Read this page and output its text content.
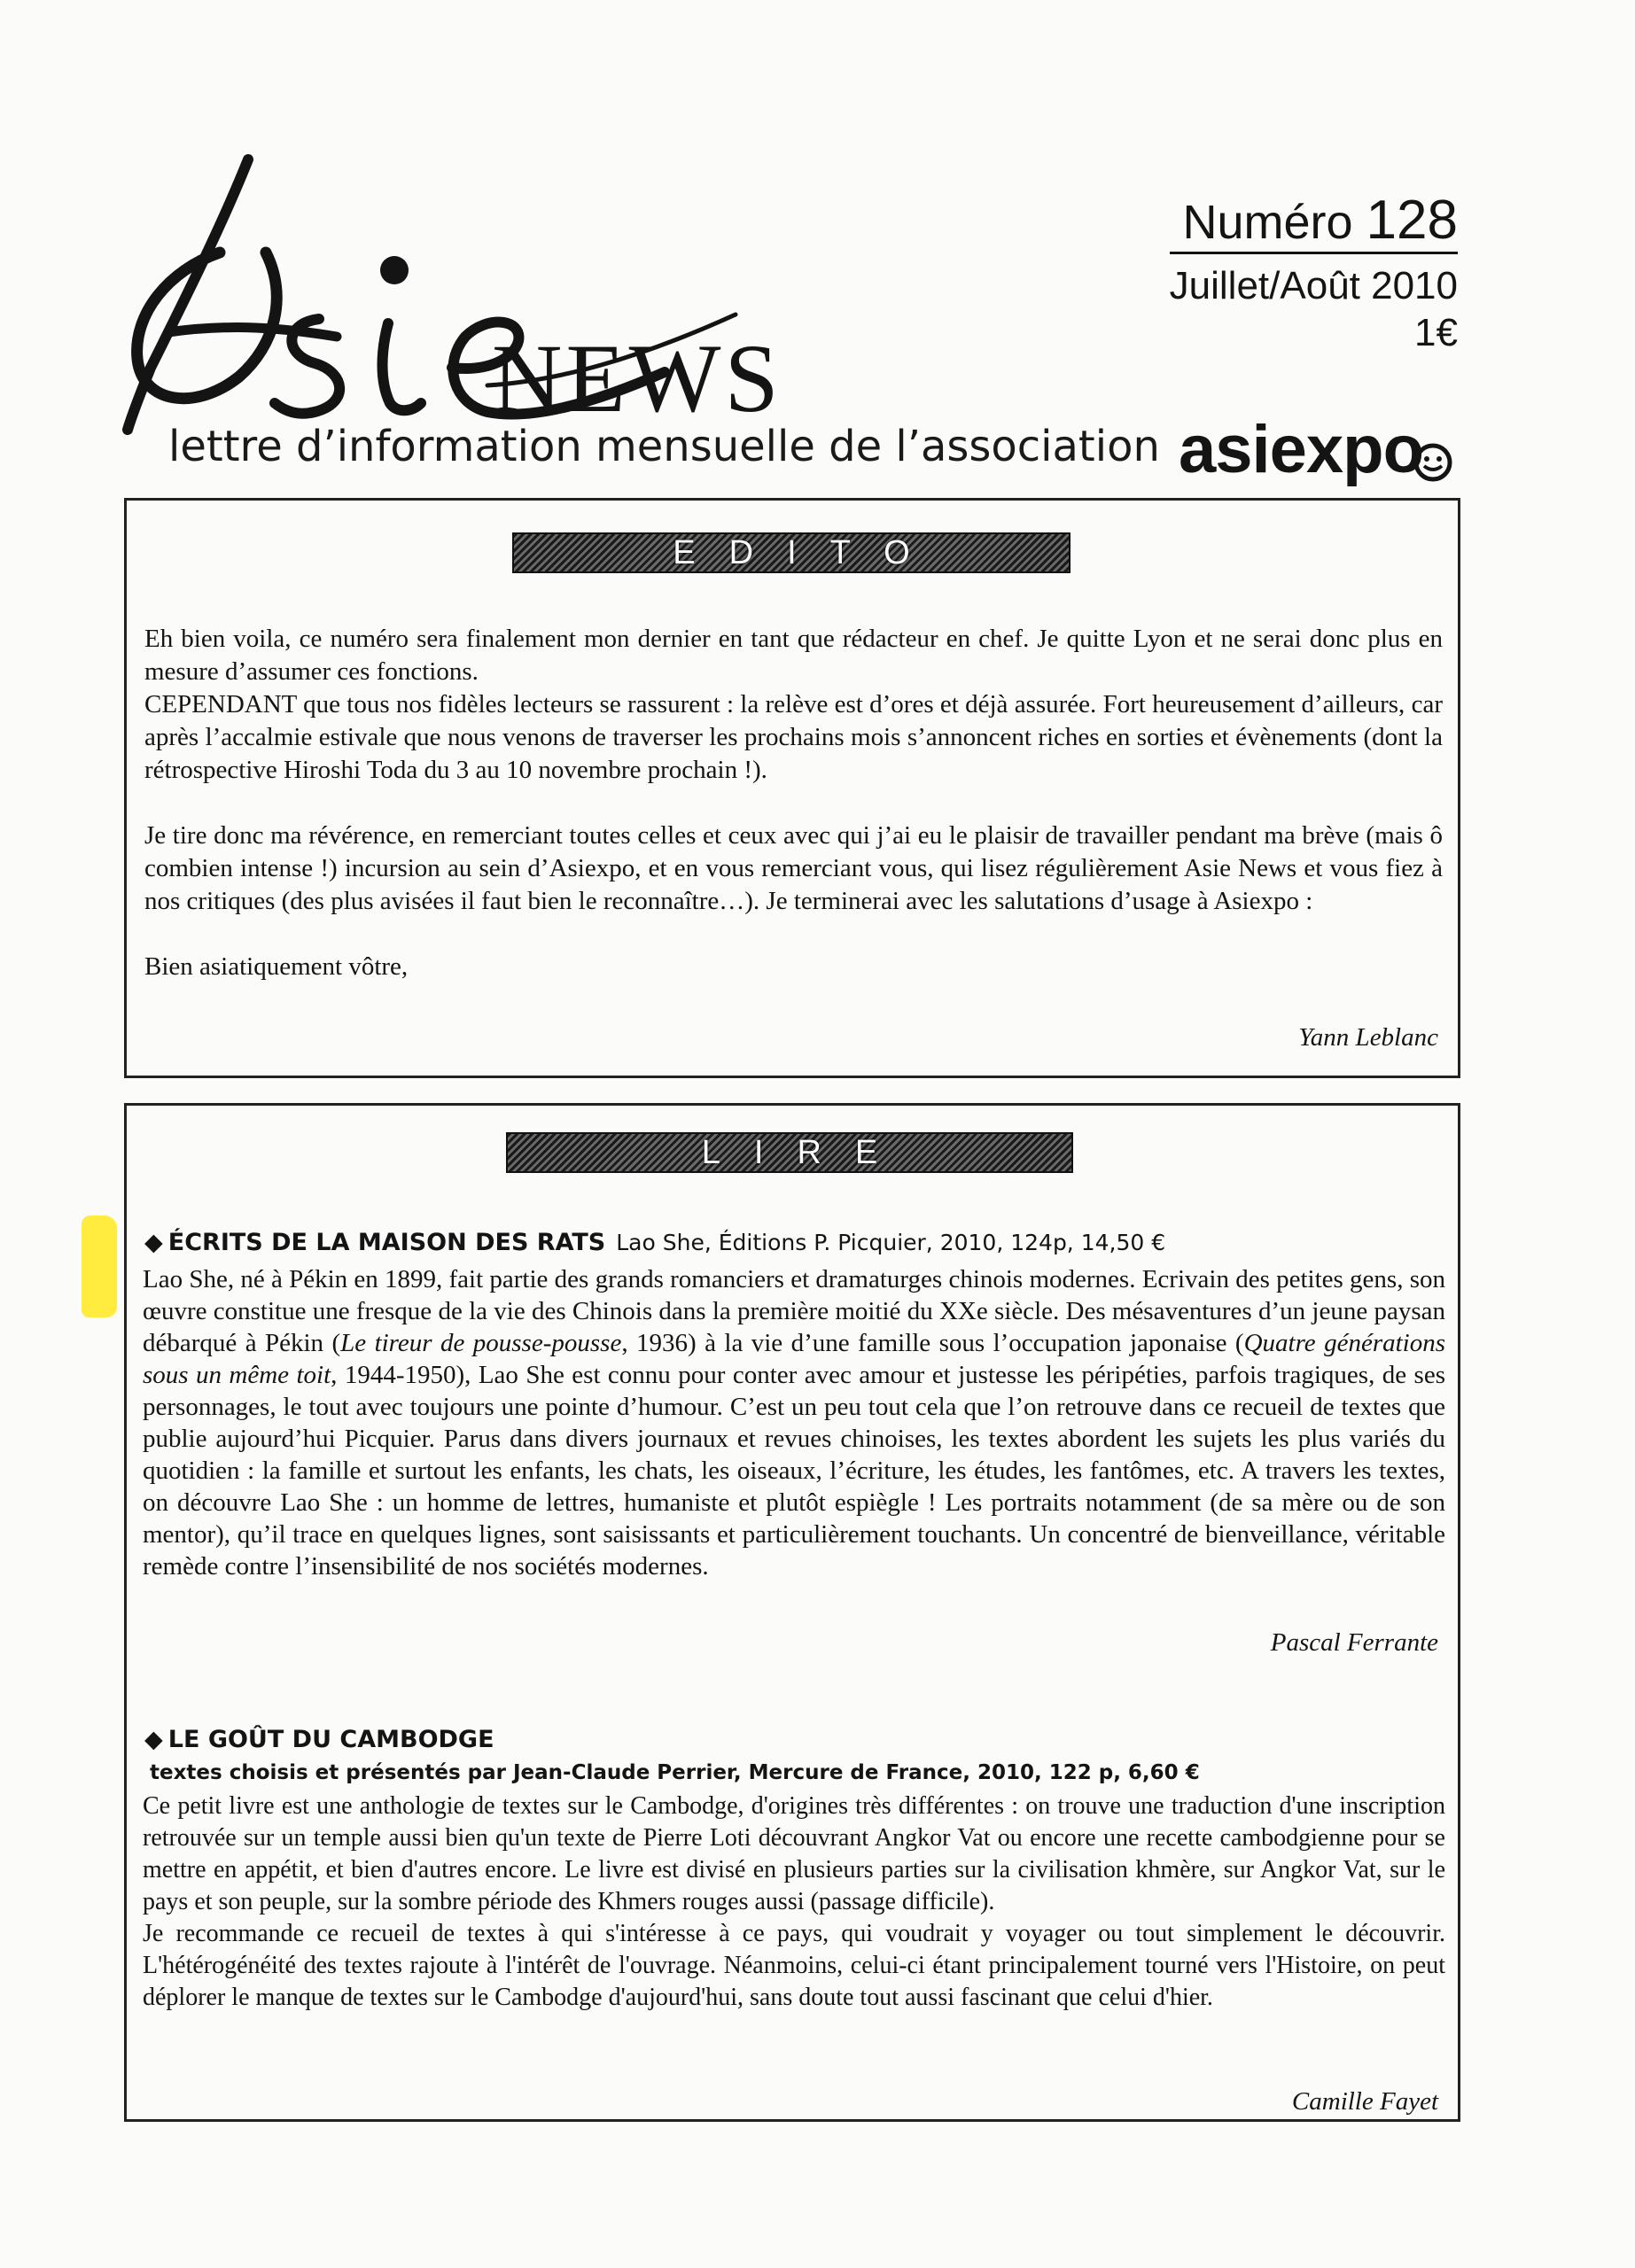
NEWS
Numéro 128
Juillet/Août 2010
1€
lettre d’information mensuelle de l’association asiexpo
EDITO

Eh bien voila, ce numéro sera finalement mon dernier en tant que rédacteur en chef. Je quitte Lyon et ne serai donc plus en mesure d’assumer ces fonctions.

CEPENDANT que tous nos fidèles lecteurs se rassurent : la relève est d’ores et déjà assurée. Fort heureusement d’ailleurs, car après l’accalmie estivale que nous venons de traverser les prochains mois s’annoncent riches en sorties et évènements (dont la rétrospective Hiroshi Toda du 3 au 10 novembre prochain !).

Je tire donc ma révérence, en remerciant toutes celles et ceux avec qui j’ai eu le plaisir de travailler pendant ma brève (mais ô combien intense !) incursion au sein d’Asiexpo, et en vous remerciant vous, qui lisez régulièrement Asie News et vous fiez à nos critiques (des plus avisées il faut bien le reconnaître…). Je terminerai avec les salutations d’usage à Asiexpo :

Bien asiatiquement vôtre,

Yann Leblanc
LIRE
◆ ÉCRITS DE LA MAISON DES RATS Lao She, Éditions P. Picquier, 2010, 124p, 14,50 €
Lao She, né à Pékin en 1899, fait partie des grands romanciers et dramaturges chinois modernes. Ecrivain des petites gens, son œuvre constitue une fresque de la vie des Chinois dans la première moitié du XXe siècle. Des mésaventures d’un jeune paysan débarqué à Pékin (Le tireur de pousse-pousse, 1936) à la vie d’une famille sous l’occupation japonaise (Quatre générations sous un même toit, 1944-1950), Lao She est connu pour conter avec amour et justesse les péripéties, parfois tragiques, de ses personnages, le tout avec toujours une pointe d’humour. C’est un peu tout cela que l’on retrouve dans ce recueil de textes que publie aujourd’hui Picquier. Parus dans divers journaux et revues chinoises, les textes abordent les sujets les plus variés du quotidien : la famille et surtout les enfants, les chats, les oiseaux, l’écriture, les études, les fantômes, etc. A travers les textes, on découvre Lao She : un homme de lettres, humaniste et plutôt espiègle ! Les portraits notamment (de sa mère ou de son mentor), qu’il trace en quelques lignes, sont saisissants et particulièrement touchants. Un concentré de bienveillance, véritable remède contre l’insensibilité de nos sociétés modernes.
Pascal Ferrante
◆ LE GOÛT DU CAMBODGE
textes choisis et présentés par Jean-Claude Perrier, Mercure de France, 2010, 122 p, 6,60 €

Ce petit livre est une anthologie de textes sur le Cambodge, d'origines très différentes : on trouve une traduction d'une inscription retrouvée sur un temple aussi bien qu'un texte de Pierre Loti découvrant Angkor Vat ou encore une recette cambodgienne pour se mettre en appétit, et bien d'autres encore. Le livre est divisé en plusieurs parties sur la civilisation khmère, sur Angkor Vat, sur le pays et son peuple, sur la sombre période des Khmers rouges aussi (passage difficile).

Je recommande ce recueil de textes à qui s'intéresse à ce pays, qui voudrait y voyager ou tout simplement le découvrir. L'hétérogénéité des textes rajoute à l'intérêt de l'ouvrage. Néanmoins, celui-ci étant principalement tourné vers l'Histoire, on peut déplorer le manque de textes sur le Cambodge d'aujourd'hui, sans doute tout aussi fascinant que celui d'hier.

Camille Fayet
